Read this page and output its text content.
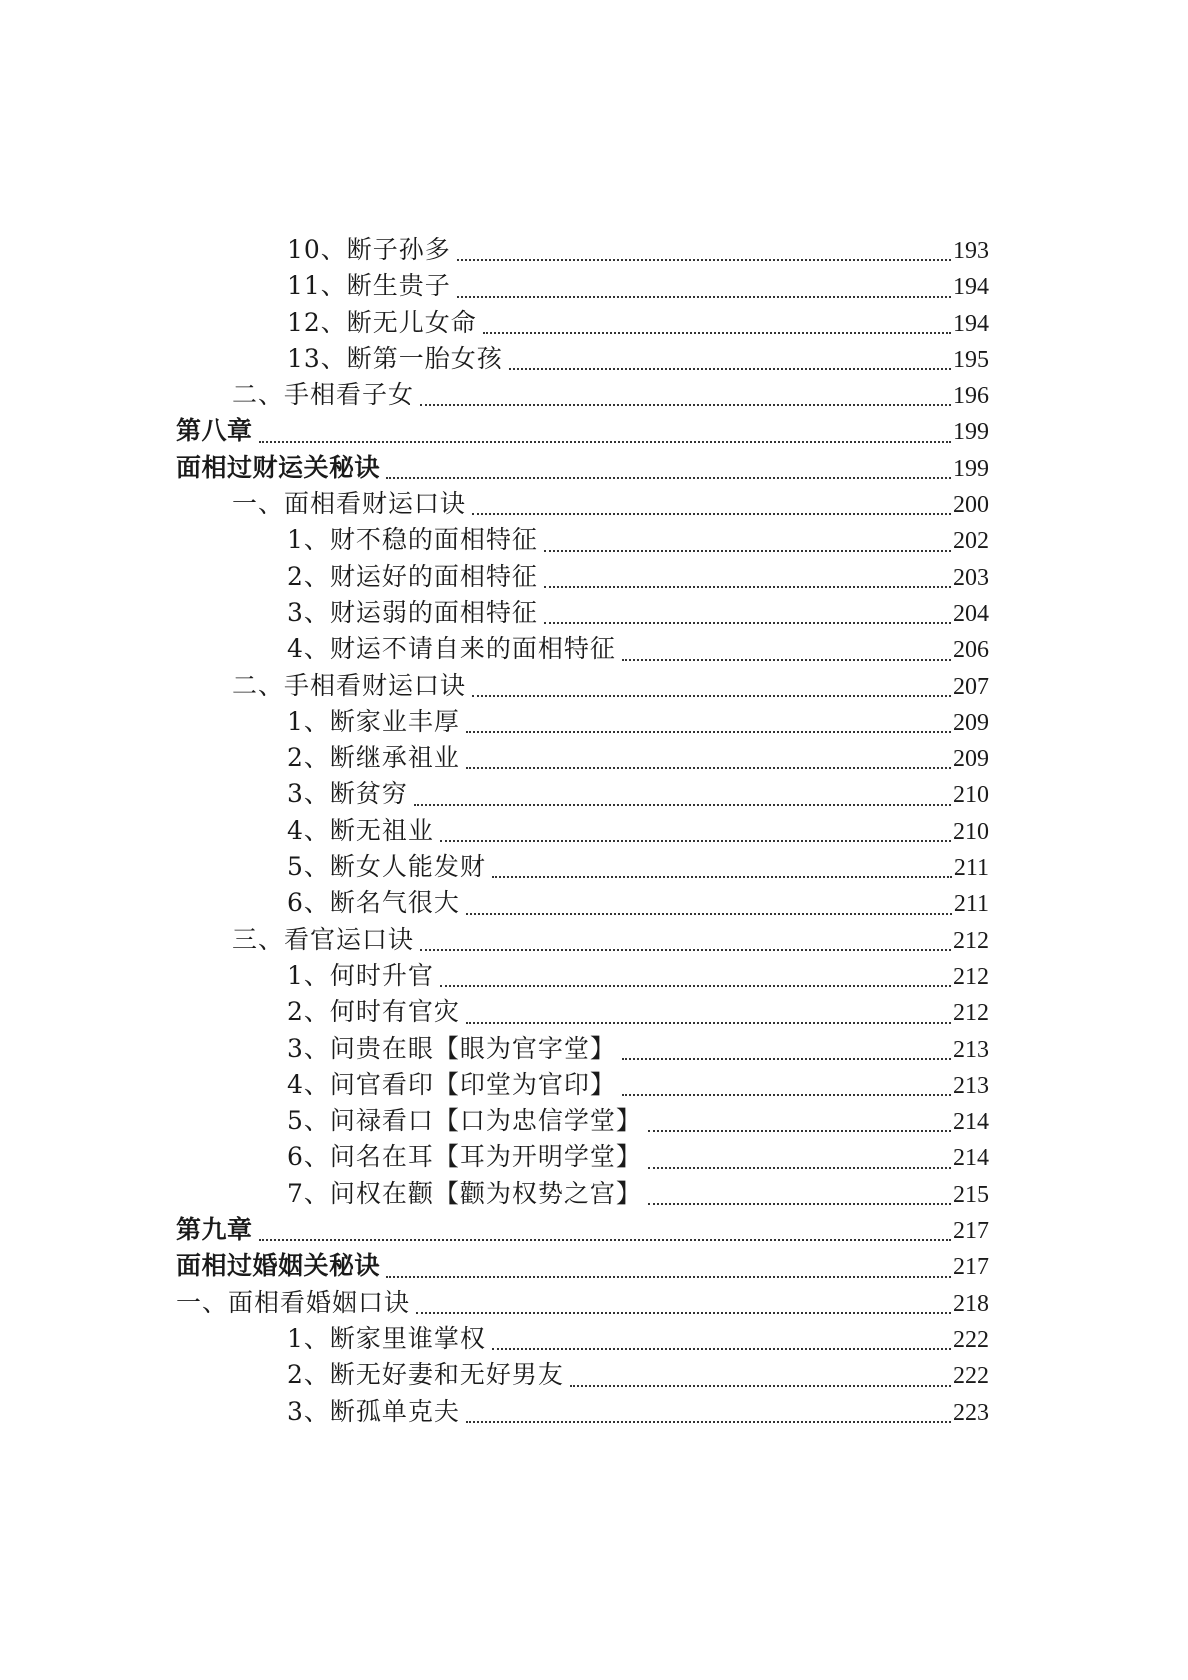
10、断子孙多	193
11、断生贵子	194
12、断无儿女命	194
13、断第一胎女孩	195
二、手相看子女	196
第八章	199
面相过财运关秘诀	199
一、面相看财运口诀	200
1、财不稳的面相特征	202
2、财运好的面相特征	203
3、财运弱的面相特征	204
4、财运不请自来的面相特征	206
二、手相看财运口诀	207
1、断家业丰厚	209
2、断继承祖业	209
3、断贫穷	210
4、断无祖业	210
5、断女人能发财	211
6、断名气很大	211
三、看官运口诀	212
1、何时升官	212
2、何时有官灾	212
3、问贵在眼【眼为官字堂】	213
4、问官看印【印堂为官印】	213
5、问禄看口【口为忠信学堂】	214
6、问名在耳【耳为开明学堂】	214
7、问权在颧【颧为权势之宫】	215
第九章	217
面相过婚姻关秘诀	217
一、面相看婚姻口诀	218
1、断家里谁掌权	222
2、断无好妻和无好男友	222
3、断孤单克夫	223
